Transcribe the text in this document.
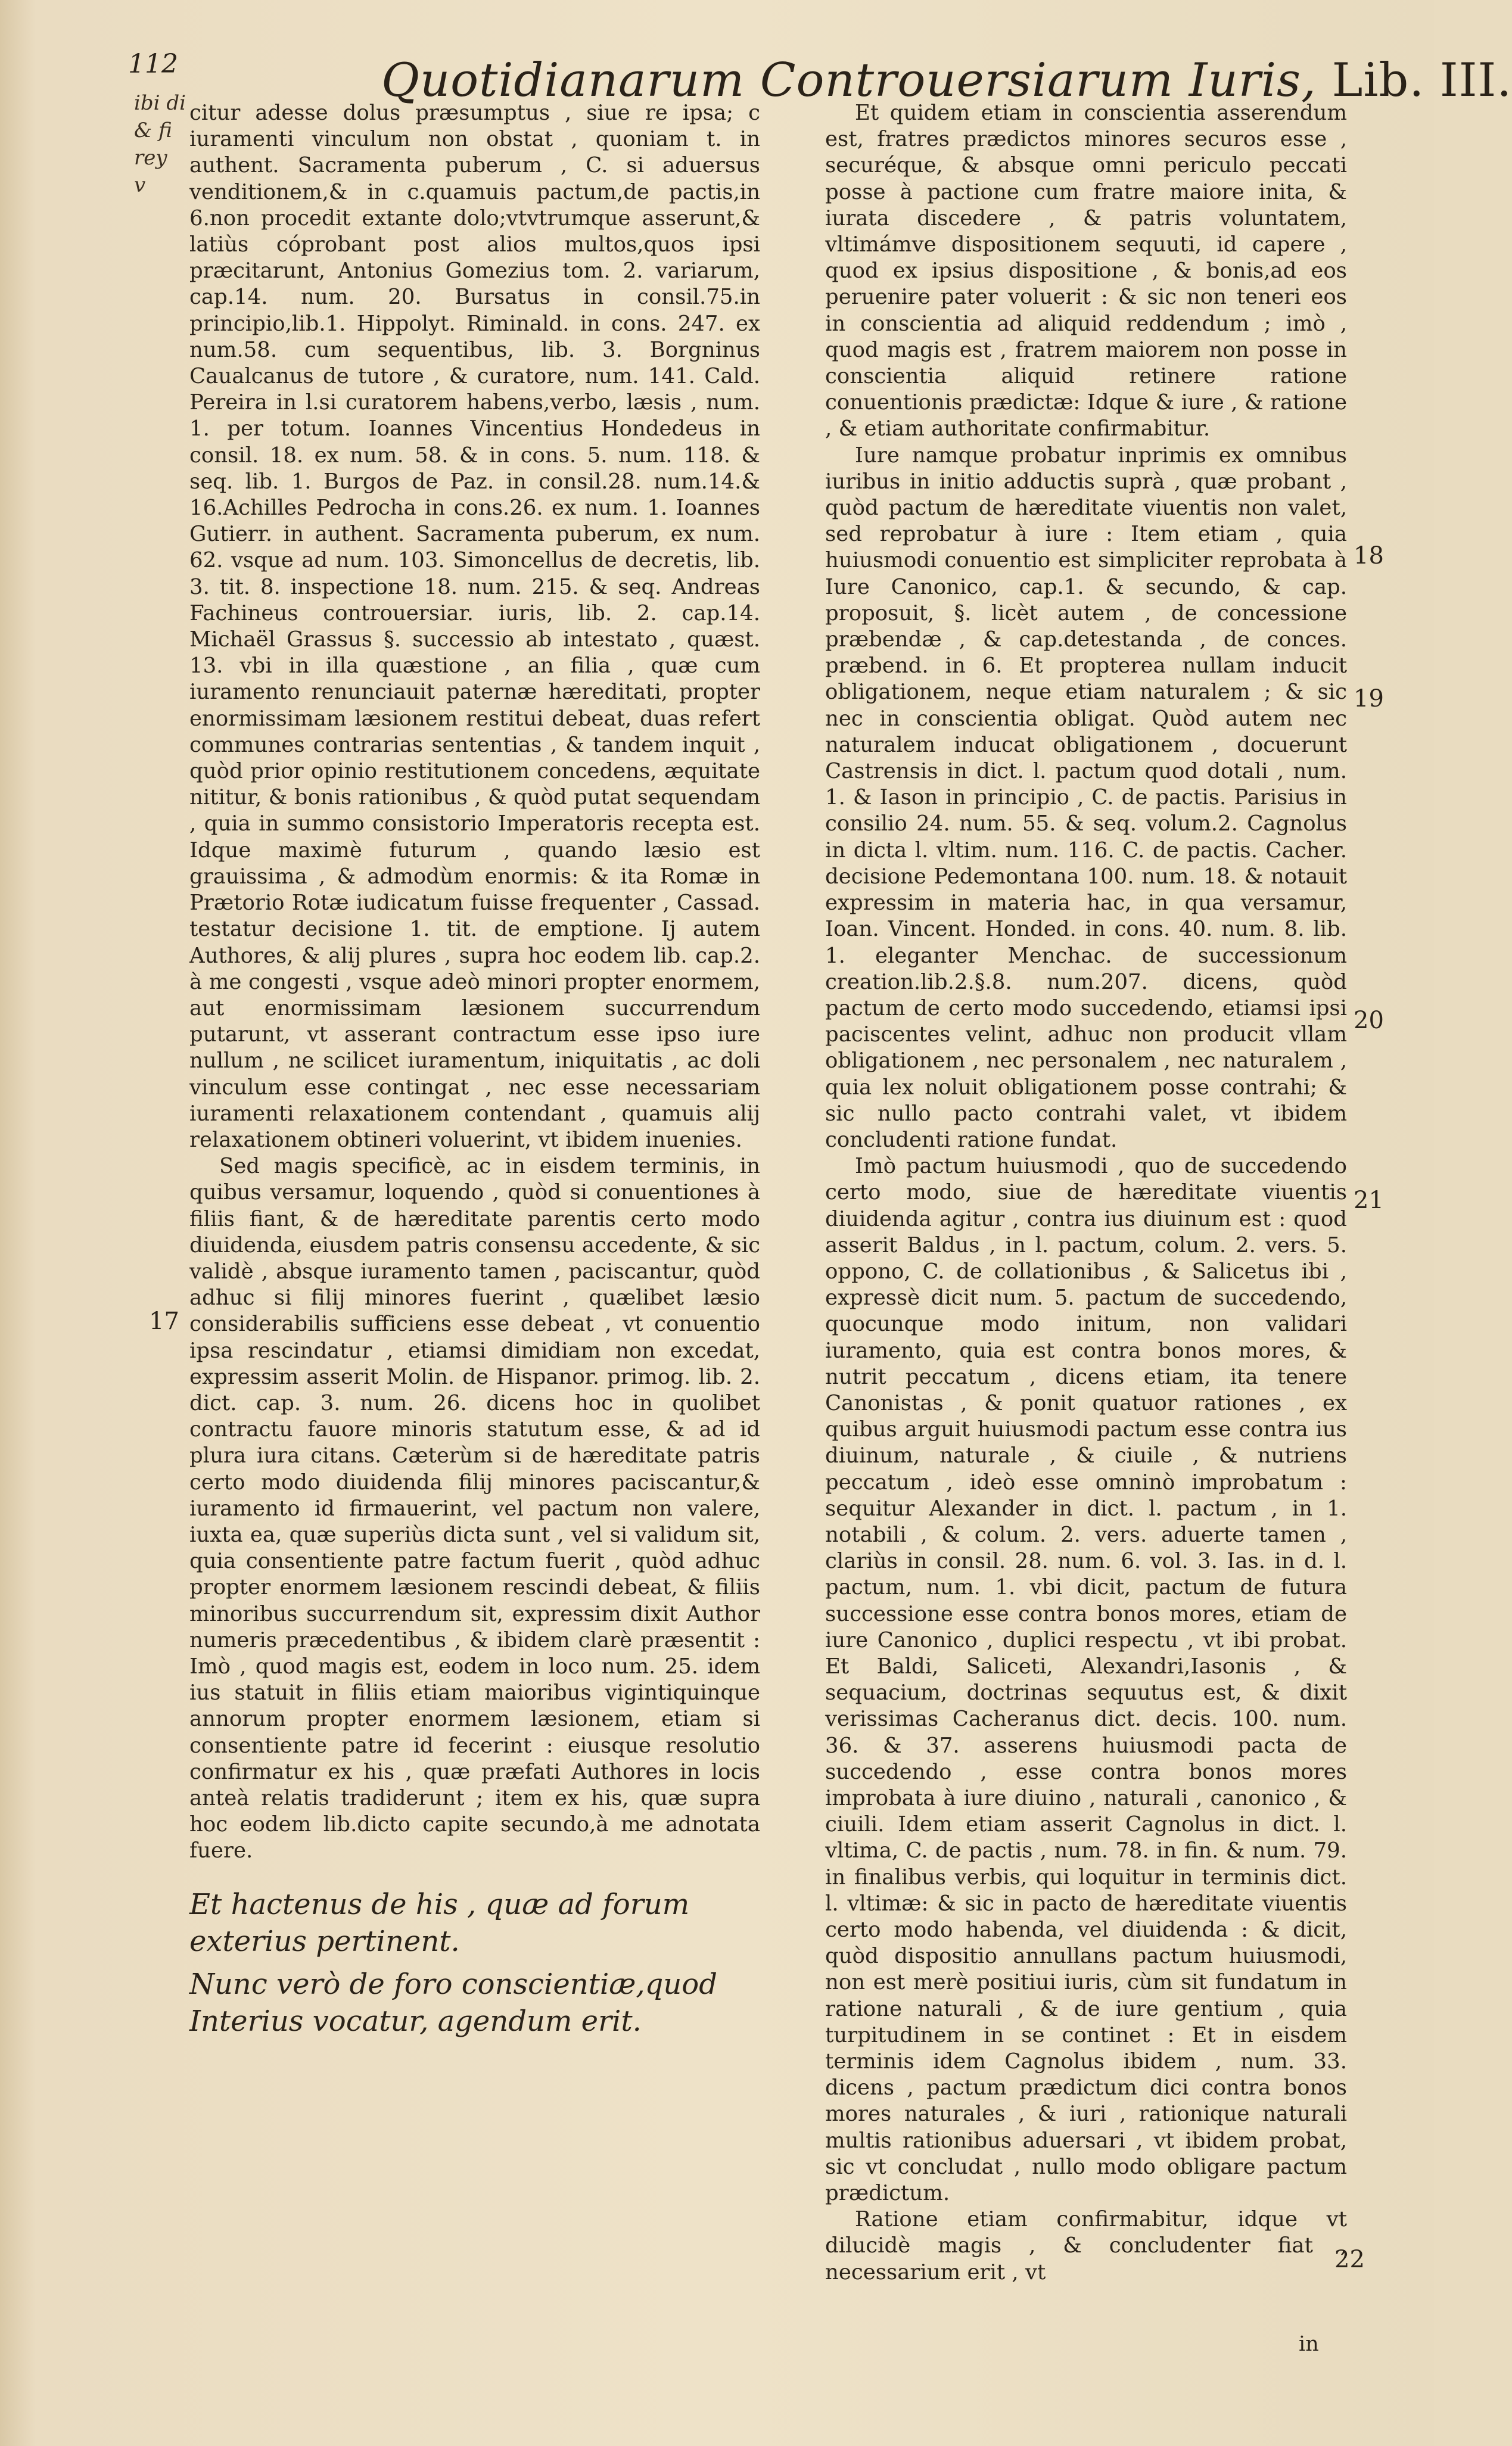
112	Quotidianarum Controuersiarum Iuris, Lib. III.
ibi di
& fi
rey
v

citur adesse dolus præsumptus , siue re ipsa; c iuramenti vinculum non obstat , quoniam t. in authent. Sacramenta puberum , C. si aduersus venditionem,& in c.quamuis pactum,de pactis,in 6.non procedit extante dolo;vtvtrumque asserunt,& latiùs cóprobant post alios multos,quos ipsi præcitarunt, Antonius Gomezius tom. 2. variarum, cap.14. num. 20. Bursatus in consil.75.in principio,lib.1. Hippolyt. Riminald. in cons. 247. ex num.58. cum sequentibus, lib. 3. Borgninus Caualcanus de tutore , & curatore, num. 141. Cald. Pereira in l.si curatorem habens,verbo, læsis , num. 1. per totum. Ioannes Vincentius Hondedeus in consil. 18. ex num. 58. & in cons. 5. num. 118. & seq. lib. 1. Burgos de Paz. in consil.28. num.14.& 16.Achilles Pedrocha in cons.26. ex num. 1. Ioannes Gutierr. in authent. Sacramenta puberum, ex num. 62. vsque ad num. 103. Simoncellus de decretis, lib. 3. tit. 8. inspectione 18. num. 215. & seq. Andreas Fachineus controuersiar. iuris, lib. 2. cap.14. Michaël Grassus §. successio ab intestato , quæst. 13. vbi in illa quæstione , an filia , quæ cum iuramento renunciauit paternæ hæreditati, propter enormissimam læsionem restitui debeat, duas refert communes contrarias sententias , & tandem inquit , quòd prior opinio restitutionem concedens, æquitate nititur, & bonis rationibus , & quòd putat sequendam , quia in summo consistorio Imperatoris recepta est. Idque maximè futurum , quando læsio est grauissima , & admodùm enormis: & ita Romæ in Prætorio Rotæ iudicatum fuisse frequenter , Cassad. testatur decisione 1. tit. de emptione. Ij autem Authores, & alij plures , supra hoc eodem lib. cap.2. à me congesti , vsque adeò minori propter enormem, aut enormissimam læsionem succurrendum putarunt, vt asserant contractum esse ipso iure nullum , ne scilicet iuramentum, iniquitatis , ac doli vinculum esse contingat , nec esse necessariam iuramenti relaxationem contendant , quamuis alij relaxationem obtineri voluerint, vt ibidem inuenies.

Sed magis specificè, ac in eisdem terminis, in quibus versamur, loquendo , quòd si conuentiones à filiis fiant, & de hæreditate parentis certo modo diuidenda, eiusdem patris consensu accedente, & sic validè , absque iuramento tamen , paciscantur, quòd adhuc si filij minores fuerint , quælibet læsio considerabilis sufficiens esse debeat , vt conuentio ipsa rescindatur , etiamsi dimidiam non excedat, expressim asserit Molin. de Hispanor. primog. lib. 2. dict. cap. 3. num. 26. dicens hoc in quolibet contractu fauore minoris statutum esse, & ad id plura iura citans. Cæterùm si de hæreditate patris certo modo diuidenda filij minores paciscantur,& iuramento id firmauerint, vel pactum non valere, iuxta ea, quæ superiùs dicta sunt , vel si validum sit, quia consentiente patre factum fuerit , quòd adhuc propter enormem læsionem rescindi debeat, & filiis minoribus succurrendum sit, expressim dixit Author numeris præcedentibus , & ibidem clarè præsentit : Imò , quod magis est, eodem in loco num. 25. idem ius statuit in filiis etiam maioribus vigintiquinque annorum propter enormem læsionem, etiam si consentiente patre id fecerint : eiusque resolutio confirmatur ex his , quæ præfati Authores in locis anteà relatis tradiderunt ; item ex his, quæ supra hoc eodem lib.dicto capite secundo,à me adnotata fuere.

Et hactenus de his , quæ ad forum exterius pertinent.

Nunc verò de foro conscientiæ,quod Interius vocatur, agendum erit.

Et quidem etiam in conscientia asserendum est, fratres prædictos minores securos esse , securéque, & absque omni periculo peccati posse à pactione cum fratre maiore inita, & iurata discedere , & patris voluntatem, vltimámve dispositionem sequuti, id capere , quod ex ipsius dispositione , & bonis,ad eos peruenire pater voluerit : & sic non teneri eos in conscientia ad aliquid reddendum ; imò , quod magis est , fratrem maiorem non posse in conscientia aliquid retinere ratione conuentionis prædictæ: Idque & iure , & ratione , & etiam authoritate confirmabitur.

Iure namque probatur inprimis ex omnibus iuribus in initio adductis suprà , quæ probant , quòd pactum de hæreditate viuentis non valet, sed reprobatur à iure : Item etiam , quia huiusmodi conuentio est simpliciter reprobata à Iure Canonico, cap.1. & secundo, & cap. proposuit, §. licèt autem , de concessione præbendæ , & cap.detestanda , de conces. præbend. in 6. Et propterea nullam inducit obligationem, neque etiam naturalem ; & sic nec in conscientia obligat. Quòd autem nec naturalem inducat obligationem , docuerunt Castrensis in dict. l. pactum quod dotali , num. 1. & Iason in principio , C. de pactis. Parisius in consilio 24. num. 55. & seq. volum.2. Cagnolus in dicta l. vltim. num. 116. C. de pactis. Cacher. decisione Pedemontana 100. num. 18. & notauit expressim in materia hac, in qua versamur, Ioan. Vincent. Honded. in cons. 40. num. 8. lib. 1. eleganter Menchac. de successionum creation.lib.2.§.8. num.207. dicens, quòd pactum de certo modo succedendo, etiamsi ipsi paciscentes velint, adhuc non producit vllam obligationem , nec personalem , nec naturalem , quia lex noluit obligationem posse contrahi; & sic nullo pacto contrahi valet, vt ibidem concludenti ratione fundat.

Imò pactum huiusmodi , quo de succedendo certo modo, siue de hæreditate viuentis diuidenda agitur , contra ius diuinum est : quod asserit Baldus , in l. pactum, colum. 2. vers. 5. oppono, C. de collationibus , & Salicetus ibi , expressè dicit num. 5. pactum de succedendo, quocunque modo initum, non validari iuramento, quia est contra bonos mores, & nutrit peccatum , dicens etiam, ita tenere Canonistas , & ponit quatuor rationes , ex quibus arguit huiusmodi pactum esse contra ius diuinum, naturale , & ciuile , & nutriens peccatum , ideò esse omninò improbatum : sequitur Alexander in dict. l. pactum , in 1. notabili , & colum. 2. vers. aduerte tamen , clariùs in consil. 28. num. 6. vol. 3. Ias. in d. l. pactum, num. 1. vbi dicit, pactum de futura successione esse contra bonos mores, etiam de iure Canonico , duplici respectu , vt ibi probat. Et Baldi, Saliceti, Alexandri,Iasonis , & sequacium, doctrinas sequutus est, & dixit verissimas Cacheranus dict. decis. 100. num. 36. & 37. asserens huiusmodi pacta de succedendo , esse contra bonos mores improbata à iure diuino , naturali , canonico , & ciuili. Idem etiam asserit Cagnolus in dict. l. vltima, C. de pactis , num. 78. in fin. & num. 79. in finalibus verbis, qui loquitur in terminis dict. l. vltimæ: & sic in pacto de hæreditate viuentis certo modo habenda, vel diuidenda : & dicit, quòd dispositio annullans pactum huiusmodi, non est merè positiui iuris, cùm sit fundatum in ratione naturali , & de iure gentium , quia turpitudinem in se continet : Et in eisdem terminis idem Cagnolus ibidem , num. 33. dicens , pactum prædictum dici contra bonos mores naturales , & iuri , rationique naturali multis rationibus aduersari , vt ibidem probat, sic vt concludat , nullo modo obligare pactum prædictum.

Ratione etiam confirmabitur, idque vt dilucidè magis , & concludenter fiat , necessarium erit , vt

17
18
19
20
21
22
in
